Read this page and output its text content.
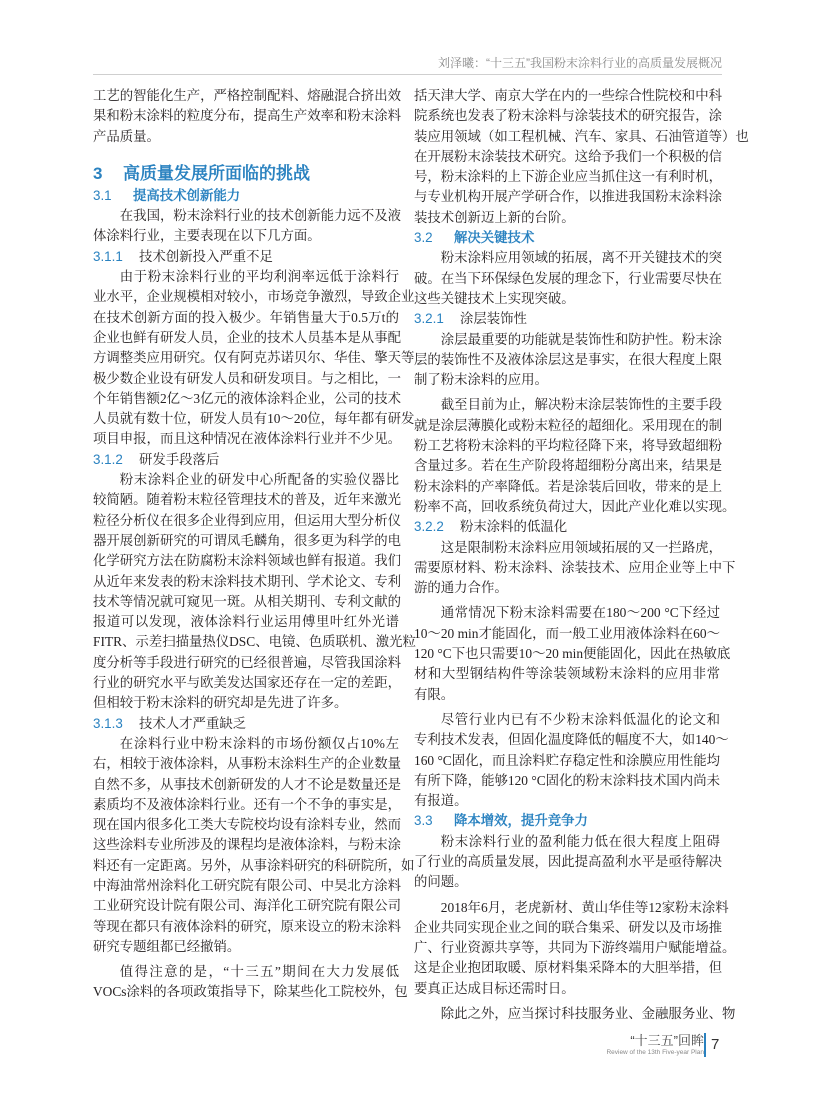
刘泽曦：“十三五”我国粉末涂料行业的高质量发展概况
工艺的智能化生产，严格控制配料、熔融混合挤出效
果和粉末涂料的粒度分布，提高生产效率和粉末涂料
产品质量。
3 高质量发展所面临的挑战
3.1 提高技术创新能力
在我国，粉末涂料行业的技术创新能力远不及液
体涂料行业，主要表现在以下几方面。
3.1.1 技术创新投入严重不足
由于粉末涂料行业的平均利润率远低于涂料行
业水平，企业规模相对较小，市场竞争激烈，导致企业
在技术创新方面的投入极少。年销售量大于0.5万t的
企业也鲜有研发人员，企业的技术人员基本是从事配
方调整类应用研究。仅有阿克苏诺贝尔、华佳、擎天等
极少数企业设有研发人员和研发项目。与之相比，一
个年销售额2亿～3亿元的液体涂料企业，公司的技术
人员就有数十位，研发人员有10～20位，每年都有研发
项目申报，而且这种情况在液体涂料行业并不少见。
3.1.2 研发手段落后
粉末涂料企业的研发中心所配备的实验仪器比
较简陋。随着粉末粒径管理技术的普及，近年来激光
粒径分析仪在很多企业得到应用，但运用大型分析仪
器开展创新研究的可谓凤毛麟角，很多更为科学的电
化学研究方法在防腐粉末涂料领域也鲜有报道。我们
从近年来发表的粉末涂料技术期刊、学术论文、专利
技术等情况就可窥见一斑。从相关期刊、专利文献的
报道可以发现，液体涂料行业运用傅里叶红外光谱
FITR、示差扫描量热仪DSC、电镜、色质联机、激光粒
度分析等手段进行研究的已经很普遍，尽管我国涂料
行业的研究水平与欧美发达国家还存在一定的差距，
但相较于粉末涂料的研究却是先进了许多。
3.1.3 技术人才严重缺乏
在涂料行业中粉末涂料的市场份额仅占10%左
右，相较于液体涂料，从事粉末涂料生产的企业数量
自然不多，从事技术创新研发的人才不论是数量还是
素质均不及液体涂料行业。还有一个不争的事实是，
现在国内很多化工类大专院校均设有涂料专业，然而
这些涂料专业所涉及的课程均是液体涂料，与粉末涂
料还有一定距离。另外，从事涂料研究的科研院所，如
中海油常州涂料化工研究院有限公司、中昊北方涂料
工业研究设计院有限公司、海洋化工研究院有限公司
等现在都只有液体涂料的研究，原来设立的粉末涂料
研究专题组都已经撤销。
值得注意的是，“十三五”期间在大力发展低
VOCs涂料的各项政策指导下，除某些化工院校外，包
括天津大学、南京大学在内的一些综合性院校和中科
院系统也发表了粉末涂料与涂装技术的研究报告，涂
装应用领域（如工程机械、汽车、家具、石油管道等）也
在开展粉末涂装技术研究。这给予我们一个积极的信
号，粉末涂料的上下游企业应当抓住这一有利时机，
与专业机构开展产学研合作，以推进我国粉末涂料涂
装技术创新迈上新的台阶。
3.2 解决关键技术
粉末涂料应用领域的拓展，离不开关键技术的突
破。在当下环保绿色发展的理念下，行业需要尽快在
这些关键技术上实现突破。
3.2.1 涂层装饰性
涂层最重要的功能就是装饰性和防护性。粉末涂
层的装饰性不及液体涂层这是事实，在很大程度上限
制了粉末涂料的应用。
截至目前为止，解决粉末涂层装饰性的主要手段
就是涂层薄膜化或粉末粒径的超细化。采用现在的制
粉工艺将粉末涂料的平均粒径降下来，将导致超细粉
含量过多。若在生产阶段将超细粉分离出来，结果是
粉末涂料的产率降低。若是涂装后回收，带来的是上
粉率不高，回收系统负荷过大，因此产业化难以实现。
3.2.2 粉末涂料的低温化
这是限制粉末涂料应用领域拓展的又一拦路虎，
需要原材料、粉末涂料、涂装技术、应用企业等上中下
游的通力合作。
通常情况下粉末涂料需要在180～200 °C下经过
10～20 min才能固化，而一般工业用液体涂料在60～
120 °C下也只需要10～20 min便能固化，因此在热敏底
材和大型钢结构件等涂装领域粉末涂料的应用非常
有限。
尽管行业内已有不少粉末涂料低温化的论文和
专利技术发表，但固化温度降低的幅度不大，如140～
160 °C固化，而且涂料贮存稳定性和涂膜应用性能均
有所下降，能够120 °C固化的粉末涂料技术国内尚未
有报道。
3.3 降本增效，提升竞争力
粉末涂料行业的盈利能力低在很大程度上阻碍
了行业的高质量发展，因此提高盈利水平是亟待解决
的问题。
2018年6月，老虎新材、黄山华佳等12家粉末涂料
企业共同实现企业之间的联合集采、研发以及市场推
广、行业资源共享等，共同为下游终端用户赋能增益。
这是企业抱团取暖、原材料集采降本的大胆举措，但
要真正达成目标还需时日。
除此之外，应当探讨科技服务业、金融服务业、物
“十三五”回眸
Review of the 13th Five-year Plan 7
